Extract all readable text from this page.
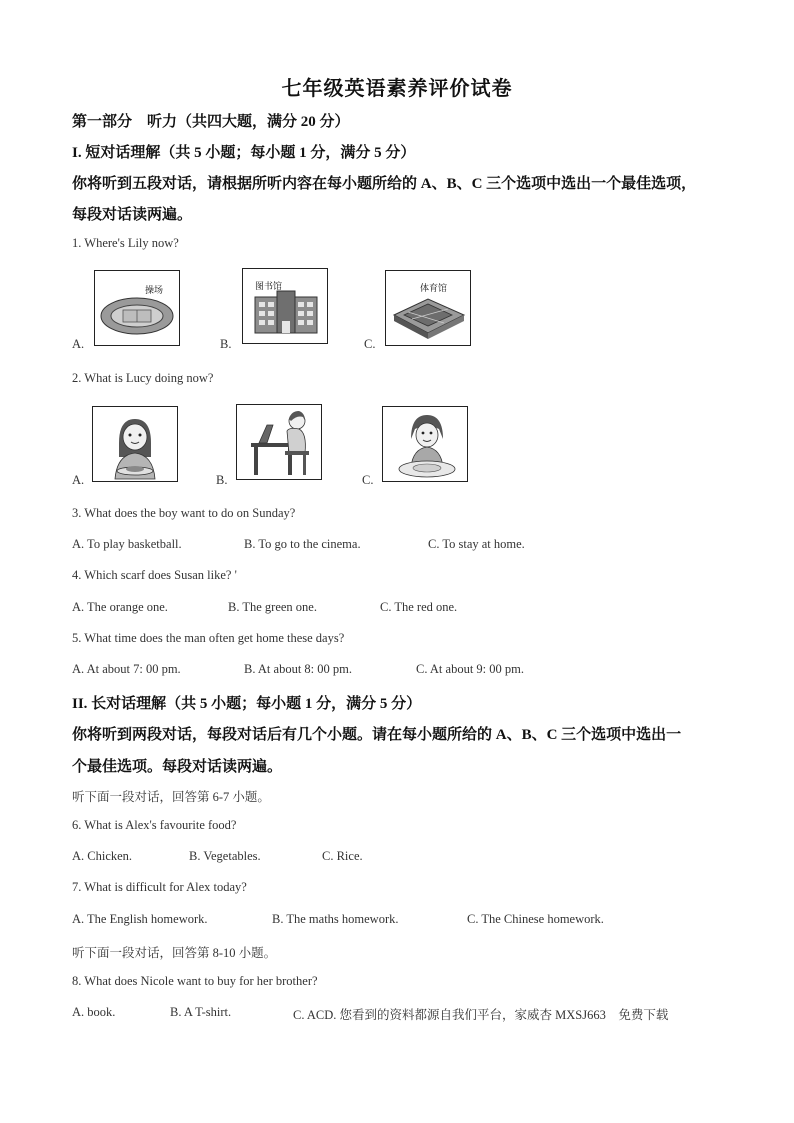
七年级英语素养评价试卷
第一部分　听力（共四大题，满分 20 分）
I. 短对话理解（共 5 小题；每小题 1 分，满分 5 分）
你将听到五段对话，请根据所听内容在每小题所给的 A、B、C 三个选项中选出一个最佳选项，
每段对话读两遍。
1. Where's Lily now?
A.
操场
B.
图书馆
C.
体育馆
2. What is Lucy doing now?
A.	B.	C.
3. What does the boy want to do on Sunday?
A. To play basketball.	B. To go to the cinema.	C. To stay at home.
4. Which scarf does Susan like? '
A. The orange one.	B. The green one.	C. The red one.
5. What time does the man often get home these days?
A. At about 7: 00 pm.	B. At about 8: 00 pm.	C. At about 9: 00 pm.
II. 长对话理解（共 5 小题；每小题 1 分，满分 5 分）
你将听到两段对话，每段对话后有几个小题。请在每小题所给的 A、B、C 三个选项中选出一
个最佳选项。每段对话读两遍。
听下面一段对话，回答第 6-7 小题。
6. What is Alex's favourite food?
A. Chicken.	B. Vegetables.	C. Rice.
7. What is difficult for Alex today?
A. The English homework.	B. The maths homework.	C. The Chinese homework.
听下面一段对话，回答第 8-10 小题。
8. What does Nicole want to buy for her brother?
A. book.	B. A T-shirt.	C. ACD. 您看到的资料都源自我们平台，家威杏 MXSJ663　免费下载
